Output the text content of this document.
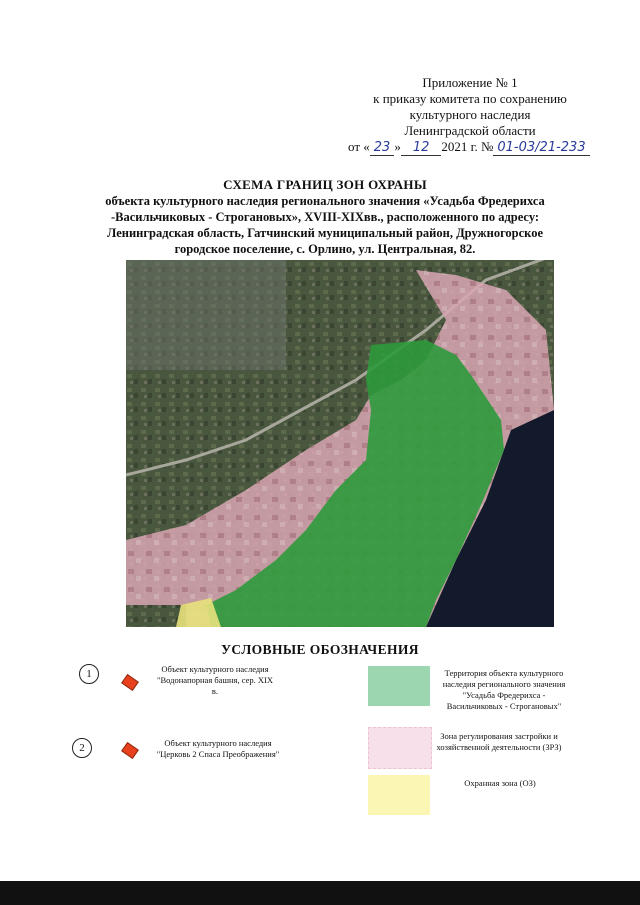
Приложение № 1
к приказу комитета по сохранению
культурного наследия
Ленинградской области
от « 23 » 12 2021 г. № 01-03/21-233
СХЕМА ГРАНИЦ ЗОН ОХРАНЫ
объекта культурного наследия регионального значения «Усадьба Фредерихса -Васильчиковых - Строгановых», XVIII-XIXвв., расположенного по адресу: Ленинградская область, Гатчинский муниципальный район, Дружногорское городское поселение, с. Орлино, ул. Центральная, 82.
УСЛОВНЫЕ ОБОЗНАЧЕНИЯ
1	Объект культурного наследия "Водонапорная башня, сер. XIX в.
2	Объект культурного наследия "Церковь 2 Спаса Преображения"
Территория объекта культурного наследия регионального значения "Усадьба Фредерихса - Васильчиковых - Строгановых"
Зона регулирования застройки и хозяйственной деятельности (ЗРЗ)
Охранная зона (ОЗ)
